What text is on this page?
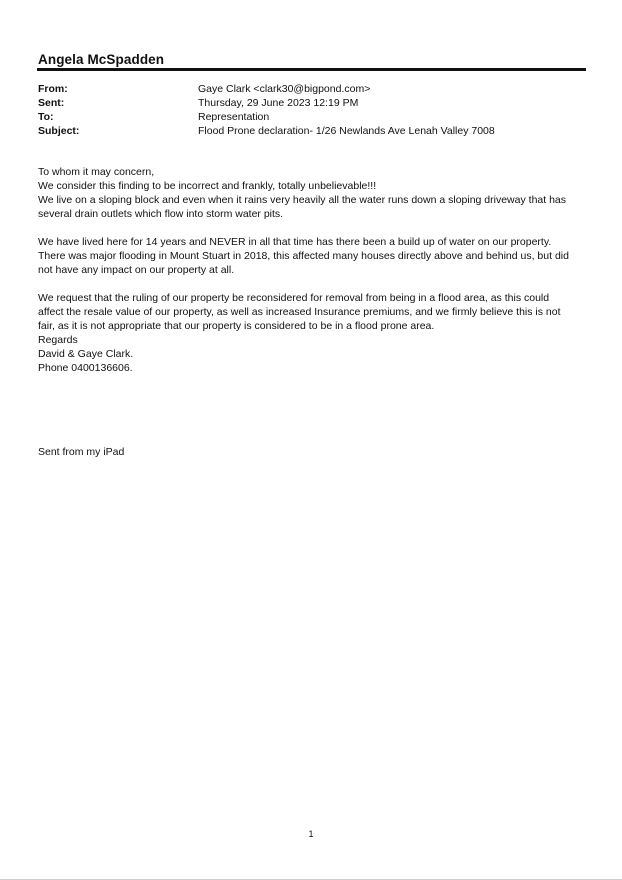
Angela McSpadden
From:	Gaye Clark <clark30@bigpond.com>
Sent:	Thursday, 29 June 2023 12:19 PM
To:	Representation
Subject:	Flood Prone declaration- 1/26 Newlands Ave Lenah Valley 7008
To whom it may concern,
We consider this finding to be incorrect and frankly, totally unbelievable!!!
We live on a sloping block and even when it rains very heavily all the water runs down a sloping driveway that has
several drain outlets which flow into storm water pits.
We have lived here for 14 years and NEVER in all that time has there been a build up of water on our property.
There was major flooding in Mount Stuart in 2018, this affected many houses directly above and behind us, but did
not have any impact on our property at all.
We request that the ruling of our property be reconsidered for removal from being in a flood area, as this could
affect the resale value of our property, as well as increased Insurance premiums, and we firmly believe this is not
fair, as it is not appropriate that our property is considered to be in a flood prone area.
Regards
David & Gaye Clark.
Phone 0400136606.
Sent from my iPad
1
